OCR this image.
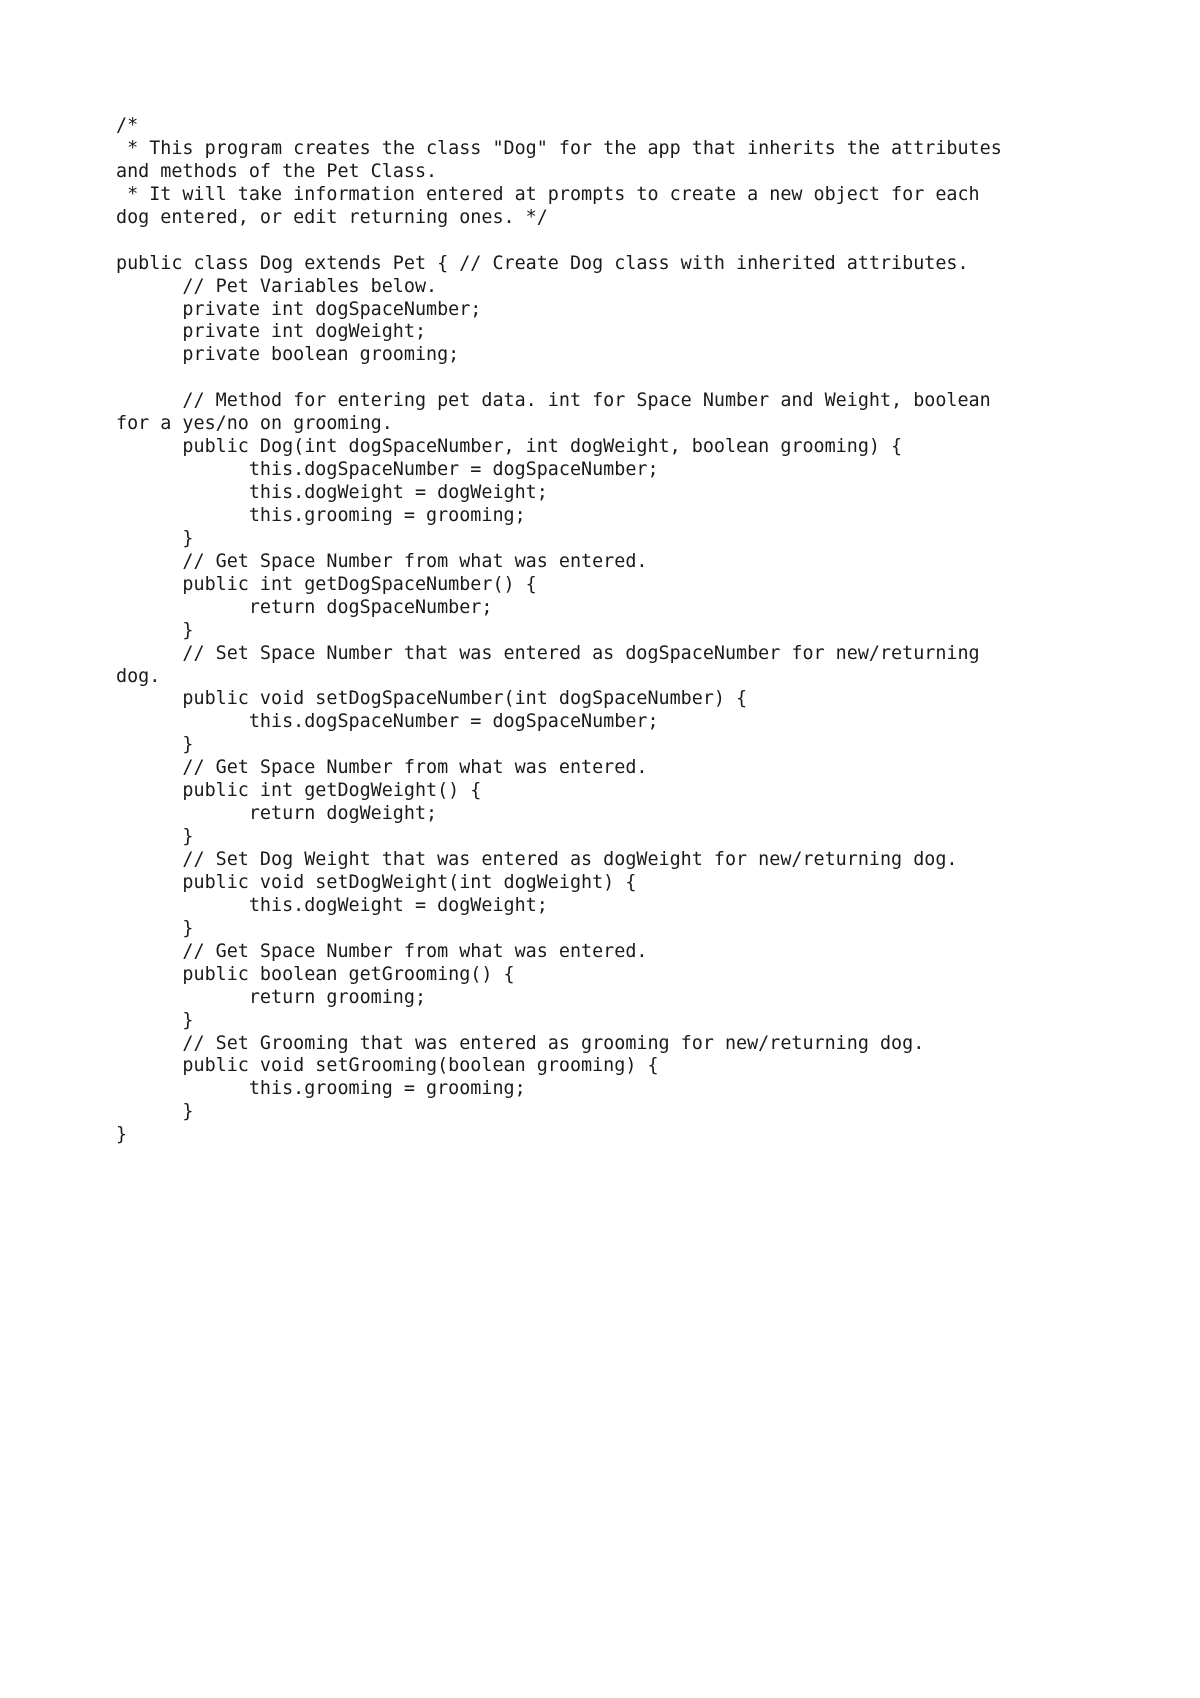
/*
* This program creates the class "Dog" for the app that inherits the attributes
and methods of the Pet Class.
* It will take information entered at prompts to create a new object for each
dog entered, or edit returning ones. */

public class Dog extends Pet { // Create Dog class with inherited attributes.
// Pet Variables below.
private int dogSpaceNumber;
private int dogWeight;
private boolean grooming;

// Method for entering pet data. int for Space Number and Weight, boolean
for a yes/no on grooming.
public Dog(int dogSpaceNumber, int dogWeight, boolean grooming) {
this.dogSpaceNumber = dogSpaceNumber;
this.dogWeight = dogWeight;
this.grooming = grooming;
}
// Get Space Number from what was entered.
public int getDogSpaceNumber() {
return dogSpaceNumber;
}
// Set Space Number that was entered as dogSpaceNumber for new/returning
dog.
public void setDogSpaceNumber(int dogSpaceNumber) {
this.dogSpaceNumber = dogSpaceNumber;
}
// Get Space Number from what was entered.
public int getDogWeight() {
return dogWeight;
}
// Set Dog Weight that was entered as dogWeight for new/returning dog.
public void setDogWeight(int dogWeight) {
this.dogWeight = dogWeight;
}
// Get Space Number from what was entered.
public boolean getGrooming() {
return grooming;
}
// Set Grooming that was entered as grooming for new/returning dog.
public void setGrooming(boolean grooming) {
this.grooming = grooming;
}
}
